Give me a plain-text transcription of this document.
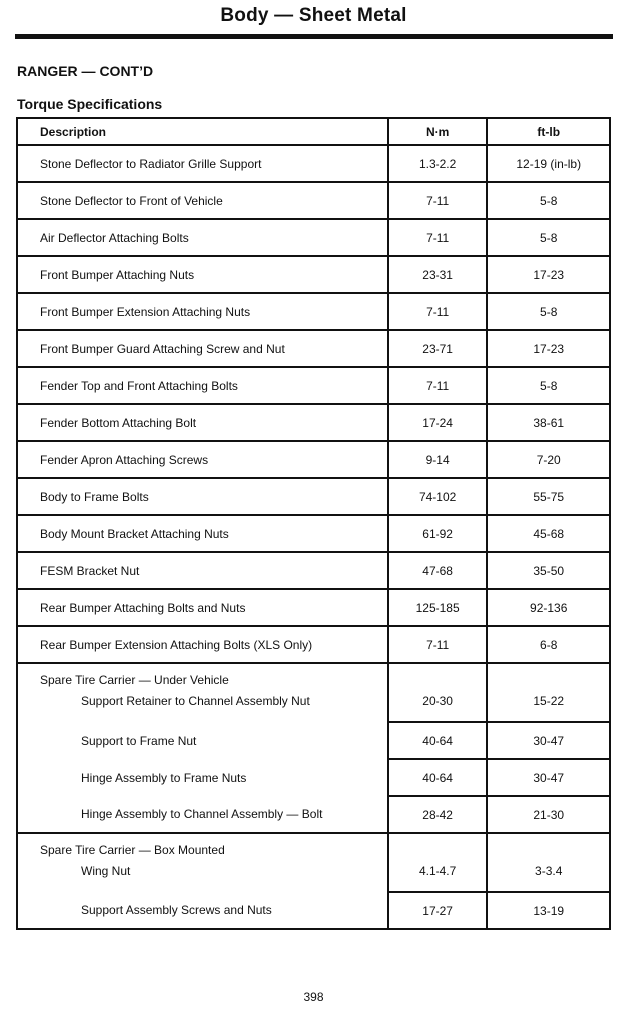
Body — Sheet Metal
RANGER — CONT’D
Torque Specifications
Description	N·m	ft-lb
Stone Deflector to Radiator Grille Support	1.3-2.2	12-19 (in-lb)
Stone Deflector to Front of Vehicle	7-11	5-8
Air Deflector Attaching Bolts	7-11	5-8
Front Bumper Attaching Nuts	23-31	17-23
Front Bumper Extension Attaching Nuts	7-11	5-8
Front Bumper Guard Attaching Screw and Nut	23-71	17-23
Fender Top and Front Attaching Bolts	7-11	5-8
Fender Bottom Attaching Bolt	17-24	38-61
Fender Apron Attaching Screws	9-14	7-20
Body to Frame Bolts	74-102	55-75
Body Mount Bracket Attaching Nuts	61-92	45-68
FESM Bracket Nut	47-68	35-50
Rear Bumper Attaching Bolts and Nuts	125-185	92-136
Rear Bumper Extension Attaching Bolts (XLS Only)	7-11	6-8
Spare Tire Carrier — Under Vehicle		

Support Retainer to Channel Assembly Nut	20-30	15-22

Support to Frame Nut	40-64	30-47

Hinge Assembly to Frame Nuts	40-64	30-47

Hinge Assembly to Channel Assembly — Bolt	28-42	21-30
Spare Tire Carrier — Box Mounted		

Wing Nut	4.1-4.7	3-3.4

Support Assembly Screws and Nuts	17-27	13-19
398
